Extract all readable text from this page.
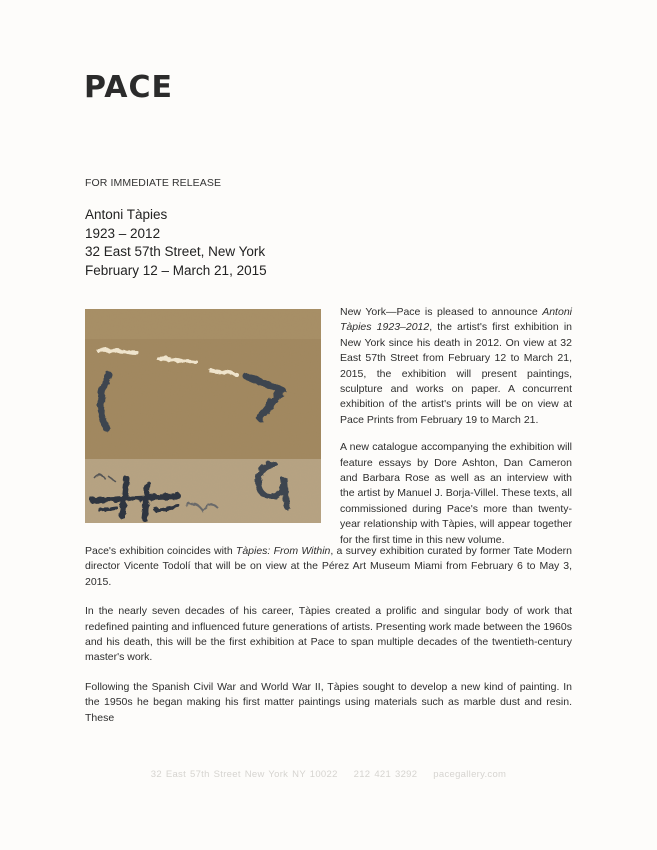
PACE
FOR IMMEDIATE RELEASE
Antoni Tàpies
1923 – 2012
32 East 57th Street, New York
February 12 – March 21, 2015

New York—Pace is pleased to announce Antoni Tàpies 1923–2012, the artist's first exhibition in New York since his death in 2012. On view at 32 East 57th Street from February 12 to March 21, 2015, the exhibition will present paintings, sculpture and works on paper. A concurrent exhibition of the artist's prints will be on view at Pace Prints from February 19 to March 21.

A new catalogue accompanying the exhibition will feature essays by Dore Ashton, Dan Cameron and Barbara Rose as well as an interview with the artist by Manuel J. Borja-Villel. These texts, all commissioned during Pace's more than twenty-year relationship with Tàpies, will appear together for the first time in this new volume.

Pace's exhibition coincides with Tàpies: From Within, a survey exhibition curated by former Tate Modern director Vicente Todolí that will be on view at the Pérez Art Museum Miami from February 6 to May 3, 2015.

In the nearly seven decades of his career, Tàpies created a prolific and singular body of work that redefined painting and influenced future generations of artists. Presenting work made between the 1960s and his death, this will be the first exhibition at Pace to span multiple decades of the twentieth-century master's work.

Following the Spanish Civil War and World War II, Tàpies sought to develop a new kind of painting. In the 1950s he began making his first matter paintings using materials such as marble dust and resin. These

32 East 57th Street New York NY 10022 212 421 3292 pacegallery.com
